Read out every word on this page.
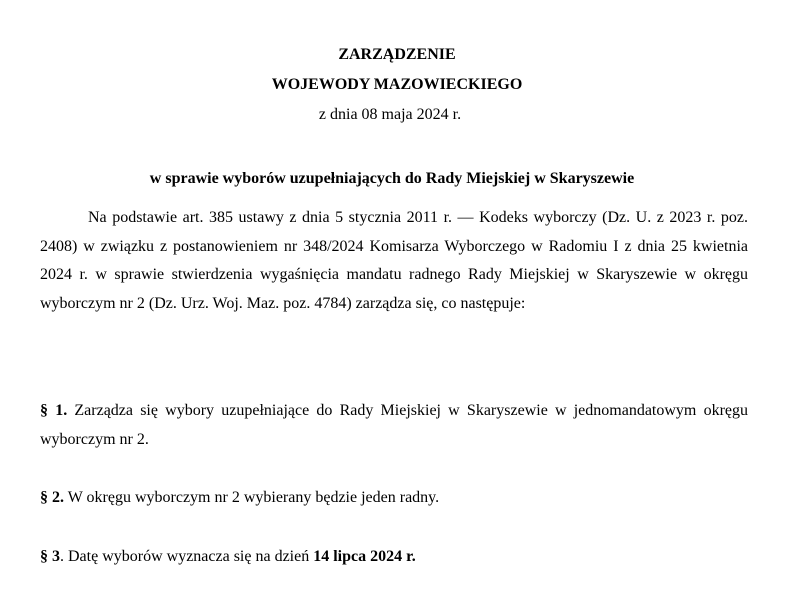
ZARZĄDZENIE
WOJEWODY MAZOWIECKIEGO
z dnia 08 maja 2024 r.
w sprawie wyborów uzupełniających do Rady Miejskiej w Skaryszewie

Na podstawie art. 385 ustawy z dnia 5 stycznia 2011 r. — Kodeks wyborczy (Dz. U. z 2023 r. poz. 2408) w związku z postanowieniem nr 348/2024 Komisarza Wyborczego w Radomiu I z dnia 25 kwietnia 2024 r. w sprawie stwierdzenia wygaśnięcia mandatu radnego Rady Miejskiej w Skaryszewie w okręgu wyborczym nr 2 (Dz. Urz. Woj. Maz. poz. 4784) zarządza się, co następuje:

§ 1. Zarządza się wybory uzupełniające do Rady Miejskiej w Skaryszewie w jednomandatowym okręgu wyborczym nr 2.

§ 2. W okręgu wyborczym nr 2 wybierany będzie jeden radny.

§ 3. Datę wyborów wyznacza się na dzień 14 lipca 2024 r.
